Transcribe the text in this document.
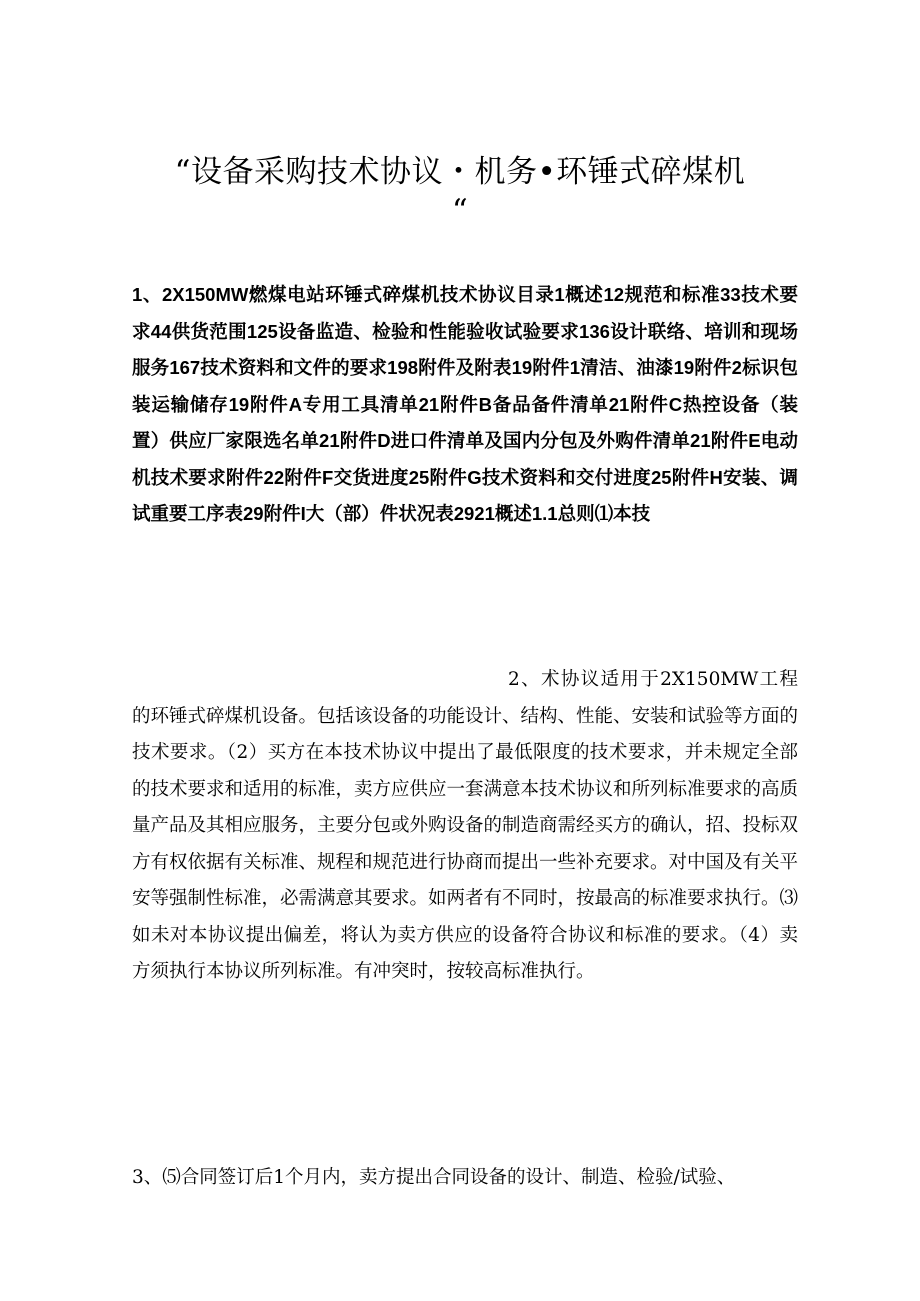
“设备采购技术协议・机务•环锤式碎煤机
“

1、2X150MW燃煤电站环锤式碎煤机技术协议目录1概述12规范和标准33技术要求44供货范围125设备监造、检验和性能验收试验要求136设计联络、培训和现场服务167技术资料和文件的要求198附件及附表19附件1清洁、油漆19附件2标识包装运输储存19附件A专用工具清单21附件B备品备件清单21附件C热控设备（装置）供应厂家限选名单21附件D进口件清单及国内分包及外购件清单21附件E电动机技术要求附件22附件F交货进度25附件G技术资料和交付进度25附件H安装、调试重要工序表29附件I大（部）件状况表2921概述1.1总则⑴本技

2、术协议适用于2X150MW工程的环锤式碎煤机设备。包括该设备的功能设计、结构、性能、安装和试验等方面的技术要求。（2）买方在本技术协议中提出了最低限度的技术要求，并未规定全部的技术要求和适用的标准，卖方应供应一套满意本技术协议和所列标准要求的高质量产品及其相应服务，主要分包或外购设备的制造商需经买方的确认，招、投标双方有权依据有关标准、规程和规范进行协商而提出一些补充要求。对中国及有关平安等强制性标准，必需满意其要求。如两者有不同时，按最高的标准要求执行。⑶如未对本协议提出偏差，将认为卖方供应的设备符合协议和标准的要求。（4）卖方须执行本协议所列标准。有冲突时，按较高标准执行。

3、⑸合同签订后1个月内，卖方提出合同设备的设计、制造、检验/试验、
